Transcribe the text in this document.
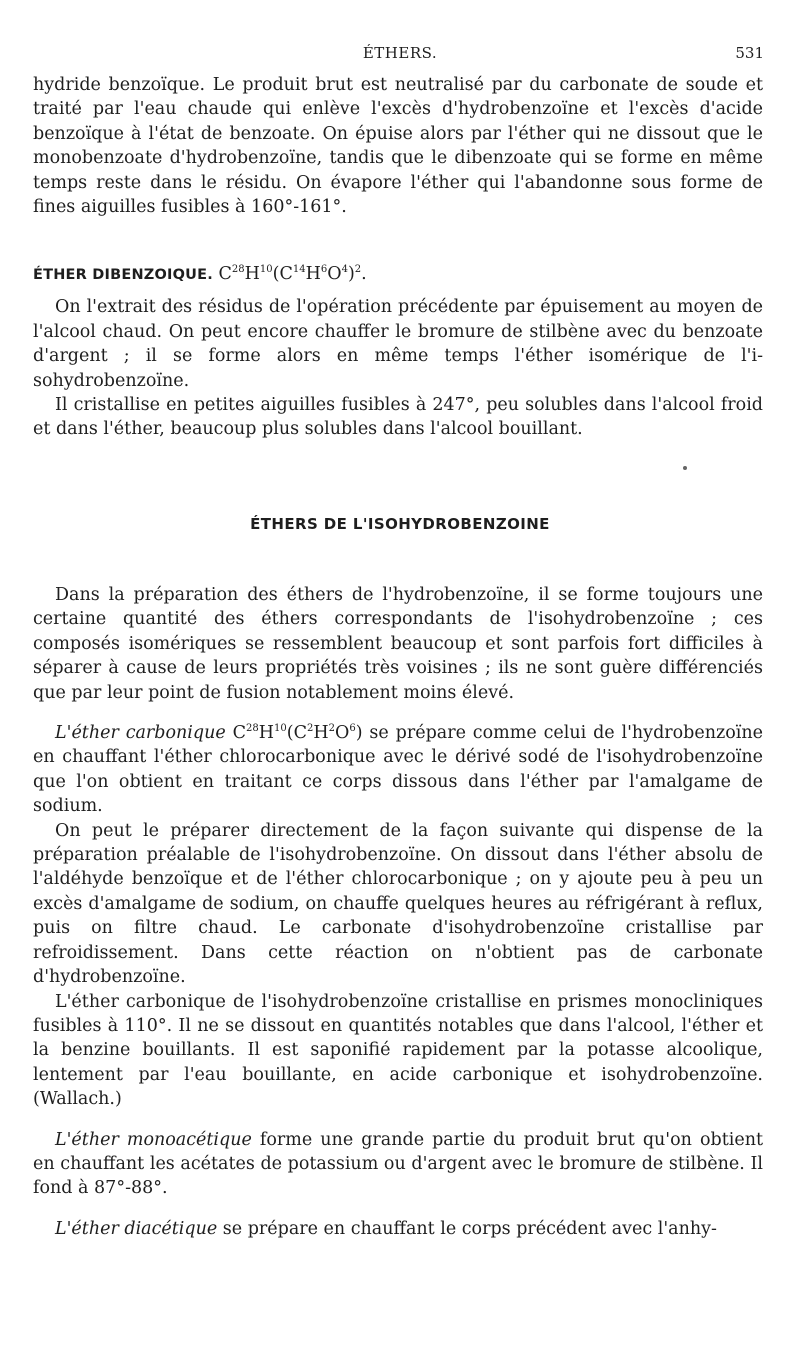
ÉTHERS.	531

hydride benzoïque. Le produit brut est neutralisé par du carbonate de soude et traité par l'eau chaude qui enlève l'excès d'hydrobenzoïne et l'excès d'acide benzoïque à l'état de benzoate. On épuise alors par l'éther qui ne dissout que le monobenzoate d'hydrobenzoïne, tandis que le dibenzoate qui se forme en même temps reste dans le résidu. On évapore l'éther qui l'abandonne sous forme de fines aiguilles fusibles à 160°-161°.

ÉTHER DIBENZOIQUE. $C^{28}H^{10}(C^{14}H^6O^4)^2$.

On l'extrait des résidus de l'opération précédente par épuisement au moyen de l'alcool chaud. On peut encore chauffer le bromure de stilbène avec du benzoate d'argent ; il se forme alors en même temps l'éther isomérique de l'i-sohydrobenzoïne.

Il cristallise en petites aiguilles fusibles à 247°, peu solubles dans l'alcool froid et dans l'éther, beaucoup plus solubles dans l'alcool bouillant.

ÉTHERS DE L'ISOHYDROBENZOINE

Dans la préparation des éthers de l'hydrobenzoïne, il se forme toujours une certaine quantité des éthers correspondants de l'isohydrobenzoïne ; ces composés isomériques se ressemblent beaucoup et sont parfois fort difficiles à séparer à cause de leurs propriétés très voisines ; ils ne sont guère différenciés que par leur point de fusion notablement moins élevé.

L'éther carbonique $C^{28}H^{10}(C^2H^2O^6)$ se prépare comme celui de l'hydrobenzoïne en chauffant l'éther chlorocarbonique avec le dérivé sodé de l'isohydrobenzoïne que l'on obtient en traitant ce corps dissous dans l'éther par l'amalgame de sodium.

On peut le préparer directement de la façon suivante qui dispense de la préparation préalable de l'isohydrobenzoïne. On dissout dans l'éther absolu de l'aldéhyde benzoïque et de l'éther chlorocarbonique ; on y ajoute peu à peu un excès d'amalgame de sodium, on chauffe quelques heures au réfrigérant à reflux, puis on filtre chaud. Le carbonate d'isohydrobenzoïne cristallise par refroidissement. Dans cette réaction on n'obtient pas de carbonate d'hydrobenzoïne.

L'éther carbonique de l'isohydrobenzoïne cristallise en prismes monocliniques fusibles à 110°. Il ne se dissout en quantités notables que dans l'alcool, l'éther et la benzine bouillants. Il est saponifié rapidement par la potasse alcoolique, lentement par l'eau bouillante, en acide carbonique et isohydrobenzoïne. (Wallach.)

L'éther monoacétique forme une grande partie du produit brut qu'on obtient en chauffant les acétates de potassium ou d'argent avec le bromure de stilbène. Il fond à 87°-88°.

L'éther diacétique se prépare en chauffant le corps précédent avec l'anhy-
